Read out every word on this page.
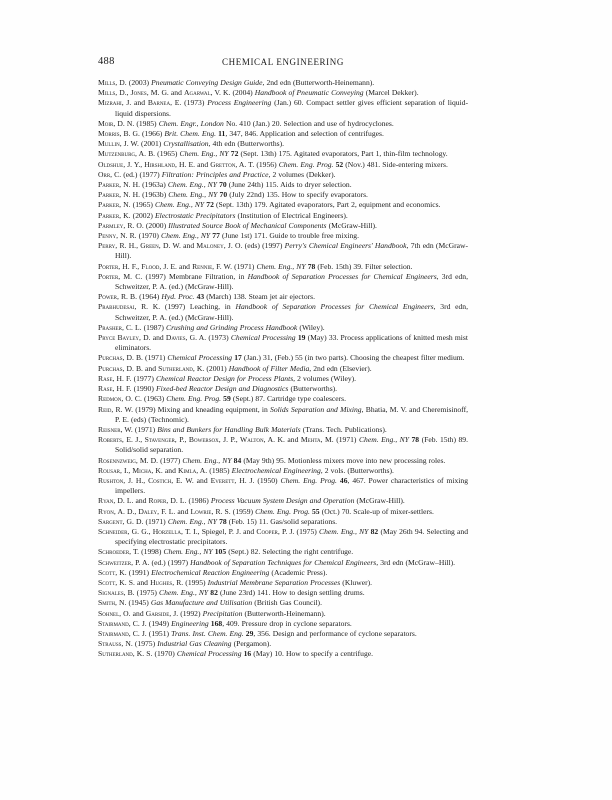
488	CHEMICAL ENGINEERING

Mills, D. (2003) Pneumatic Conveying Design Guide, 2nd edn (Butterworth-Heinemann).

Mills, D., Jones, M. G. and Agarwal, V. K. (2004) Handbook of Pneumatic Conveying (Marcel Dekker).

Mizrahi, J. and Barnea, E. (1973) Process Engineering (Jan.) 60. Compact settler gives efficient separation of liquid-liquid dispersions.

Moir, D. N. (1985) Chem. Engr., London No. 410 (Jan.) 20. Selection and use of hydrocyclones.

Morris, B. G. (1966) Brit. Chem. Eng. 11, 347, 846. Application and selection of centrifuges.

Mullin, J. W. (2001) Crystallisation, 4th edn (Butterworths).

Mutzenburg, A. B. (1965) Chem. Eng., NY 72 (Sept. 13th) 175. Agitated evaporators, Part 1, thin-film technology.

Oldshue, J. Y., Hirshland, H. E. and Gretton, A. T. (1956) Chem. Eng. Prog. 52 (Nov.) 481. Side-entering mixers.

Orr, C. (ed.) (1977) Filtration: Principles and Practice, 2 volumes (Dekker).

Parker, N. H. (1963a) Chem. Eng., NY 70 (June 24th) 115. Aids to dryer selection.

Parker, N. H. (1963b) Chem. Eng., NY 70 (July 22nd) 135. How to specify evaporators.

Parker, N. (1965) Chem. Eng., NY 72 (Sept. 13th) 179. Agitated evaporators, Part 2, equipment and economics.

Parker, K. (2002) Electrostatic Precipitators (Institution of Electrical Engineers).

Parmley, R. O. (2000) Illustrated Source Book of Mechanical Components (McGraw-Hill).

Penny, N. R. (1970) Chem. Eng., NY 77 (June 1st) 171. Guide to trouble free mixing.

Perry, R. H., Green, D. W. and Maloney, J. O. (eds) (1997) Perry's Chemical Engineers' Handbook, 7th edn (McGraw-Hill).

Porter, H. F., Flood, J. E. and Rennie, F. W. (1971) Chem. Eng., NY 78 (Feb. 15th) 39. Filter selection.

Porter, M. C. (1997) Membrane Filtration, in Handbook of Separation Processes for Chemical Engineers, 3rd edn, Schweitzer, P. A. (ed.) (McGraw-Hill).

Power, R. B. (1964) Hyd. Proc. 43 (March) 138. Steam jet air ejectors.

Prabhudesai, R. K. (1997) Leaching, in Handbook of Separation Processes for Chemical Engineers, 3rd edn, Schweitzer, P. A. (ed.) (McGraw-Hill).

Prasher, C. L. (1987) Crushing and Grinding Process Handbook (Wiley).

Pryce Bayley, D. and Davies, G. A. (1973) Chemical Processing 19 (May) 33. Process applications of knitted mesh mist eliminators.

Purchas, D. B. (1971) Chemical Processing 17 (Jan.) 31, (Feb.) 55 (in two parts). Choosing the cheapest filter medium.

Purchas, D. B. and Sutherland, K. (2001) Handbook of Filter Media, 2nd edn (Elsevier).

Rase, H. F. (1977) Chemical Reactor Design for Process Plants, 2 volumes (Wiley).

Rase, H. F. (1990) Fixed-bed Reactor Design and Diagnostics (Butterworths).

Redmon, O. C. (1963) Chem. Eng. Prog. 59 (Sept.) 87. Cartridge type coalescers.

Reid, R. W. (1979) Mixing and kneading equipment, in Solids Separation and Mixing, Bhatia, M. V. and Cheremisinoff, P. E. (eds) (Technomic).

Reisner, W. (1971) Bins and Bunkers for Handling Bulk Materials (Trans. Tech. Publications).

Roberts, E. J., Stavenger, P., Bowersox, J. P., Walton, A. K. and Mehta, M. (1971) Chem. Eng., NY 78 (Feb. 15th) 89. Solid/solid separation.

Rosennzweig, M. D. (1977) Chem. Eng., NY 84 (May 9th) 95. Motionless mixers move into new processing roles.

Rousar, I., Micha, K. and Kimla, A. (1985) Electrochemical Engineering, 2 vols. (Butterworths).

Rushton, J. H., Costich, E. W. and Everett, H. J. (1950) Chem. Eng. Prog. 46, 467. Power characteristics of mixing impellers.

Ryan, D. L. and Roper, D. L. (1986) Process Vacuum System Design and Operation (McGraw-Hill).

Ryon, A. D., Daley, F. L. and Lowrie, R. S. (1959) Chem. Eng. Prog. 55 (Oct.) 70. Scale-up of mixer-settlers.

Sargent, G. D. (1971) Chem. Eng., NY 78 (Feb. 15) 11. Gas/solid separations.

Schneider, G. G., Horzella, T. I., Spiegel, P. J. and Cooper, P. J. (1975) Chem. Eng., NY 82 (May 26th 94. Selecting and specifying electrostatic precipitators.

Schroeder, T. (1998) Chem. Eng., NY 105 (Sept.) 82. Selecting the right centrifuge.

Schweitzer, P. A. (ed.) (1997) Handbook of Separation Techniques for Chemical Engineers, 3rd edn (McGraw–Hill).

Scott, K. (1991) Electrochemical Reaction Engineering (Academic Press).

Scott, K. S. and Hughes, R. (1995) Industrial Membrane Separation Processes (Kluwer).

Signales, B. (1975) Chem. Eng., NY 82 (June 23rd) 141. How to design settling drums.

Smith, N. (1945) Gas Manufacture and Utilisation (British Gas Council).

Sohnel, O. and Garside, J. (1992) Precipitation (Butterworth-Heinemann).

Stairmand, C. J. (1949) Engineering 168, 409. Pressure drop in cyclone separators.

Stairmand, C. J. (1951) Trans. Inst. Chem. Eng. 29, 356. Design and performance of cyclone separators.

Strauss, N. (1975) Industrial Gas Cleaning (Pergamon).

Sutherland, K. S. (1970) Chemical Processing 16 (May) 10. How to specify a centrifuge.
